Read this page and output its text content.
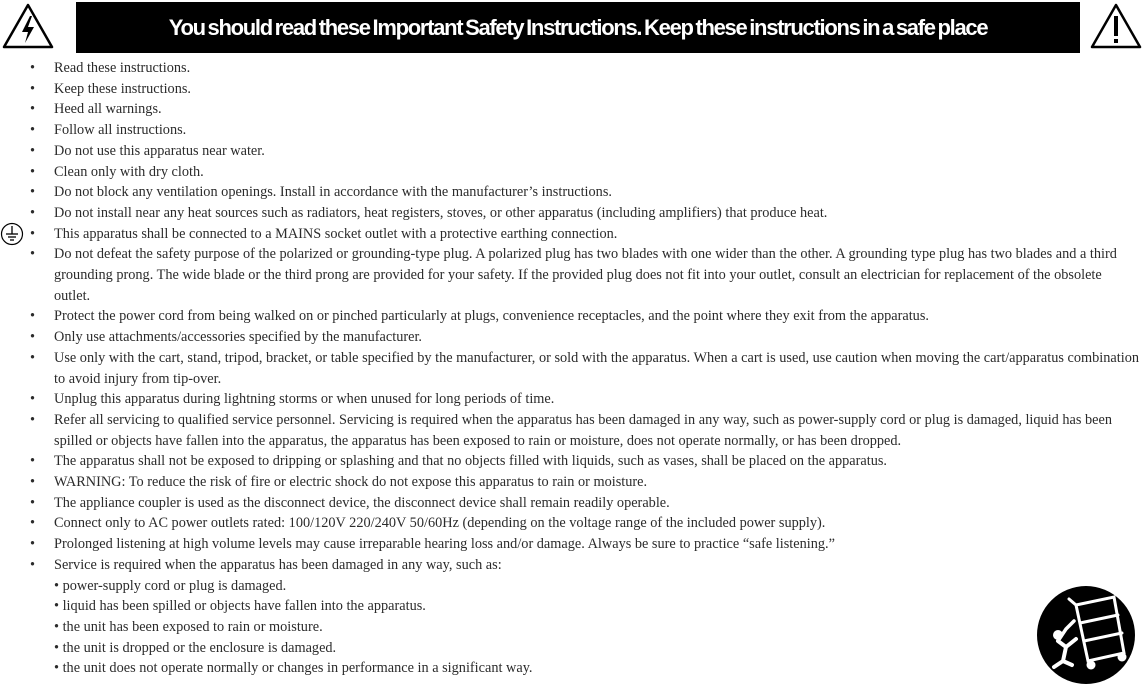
You should read these Important Safety Instructions. Keep these instructions in a safe place
• Read these instructions.
• Keep these instructions.
• Heed all warnings.
• Follow all instructions.
• Do not use this apparatus near water.
• Clean only with dry cloth.
• Do not block any ventilation openings. Install in accordance with the manufacturer’s instructions.
• Do not install near any heat sources such as radiators, heat registers, stoves, or other apparatus (including amplifiers) that produce heat.
• This apparatus shall be connected to a MAINS socket outlet with a protective earthing connection.
• Do not defeat the safety purpose of the polarized or grounding-type plug. A polarized plug has two blades with one wider than the other. A grounding type plug has two blades and a third grounding prong. The wide blade or the third prong are provided for your safety. If the provided plug does not fit into your outlet, consult an electrician for replacement of the obsolete outlet.
• Protect the power cord from being walked on or pinched particularly at plugs, convenience receptacles, and the point where they exit from the apparatus.
• Only use attachments/accessories specified by the manufacturer.
• Use only with the cart, stand, tripod, bracket, or table specified by the manufacturer, or sold with the apparatus. When a cart is used, use caution when moving the cart/apparatus combination to avoid injury from tip-over.
• Unplug this apparatus during lightning storms or when unused for long periods of time.
• Refer all servicing to qualified service personnel. Servicing is required when the apparatus has been damaged in any way, such as power-supply cord or plug is damaged, liquid has been spilled or objects have fallen into the apparatus, the apparatus has been exposed to rain or moisture, does not operate normally, or has been dropped.
• The apparatus shall not be exposed to dripping or splashing and that no objects filled with liquids, such as vases, shall be placed on the apparatus.
• WARNING: To reduce the risk of fire or electric shock do not expose this apparatus to rain or moisture.
• The appliance coupler is used as the disconnect device, the disconnect device shall remain readily operable.
• Connect only to AC power outlets rated: 100/120V 220/240V 50/60Hz (depending on the voltage range of the included power supply).
• Prolonged listening at high volume levels may cause irreparable hearing loss and/or damage. Always be sure to practice “safe listening.”
• Service is required when the apparatus has been damaged in any way, such as:
• power-supply cord or plug is damaged.
• liquid has been spilled or objects have fallen into the apparatus.
• the unit has been exposed to rain or moisture.
• the unit is dropped or the enclosure is damaged.
• the unit does not operate normally or changes in performance in a significant way.
